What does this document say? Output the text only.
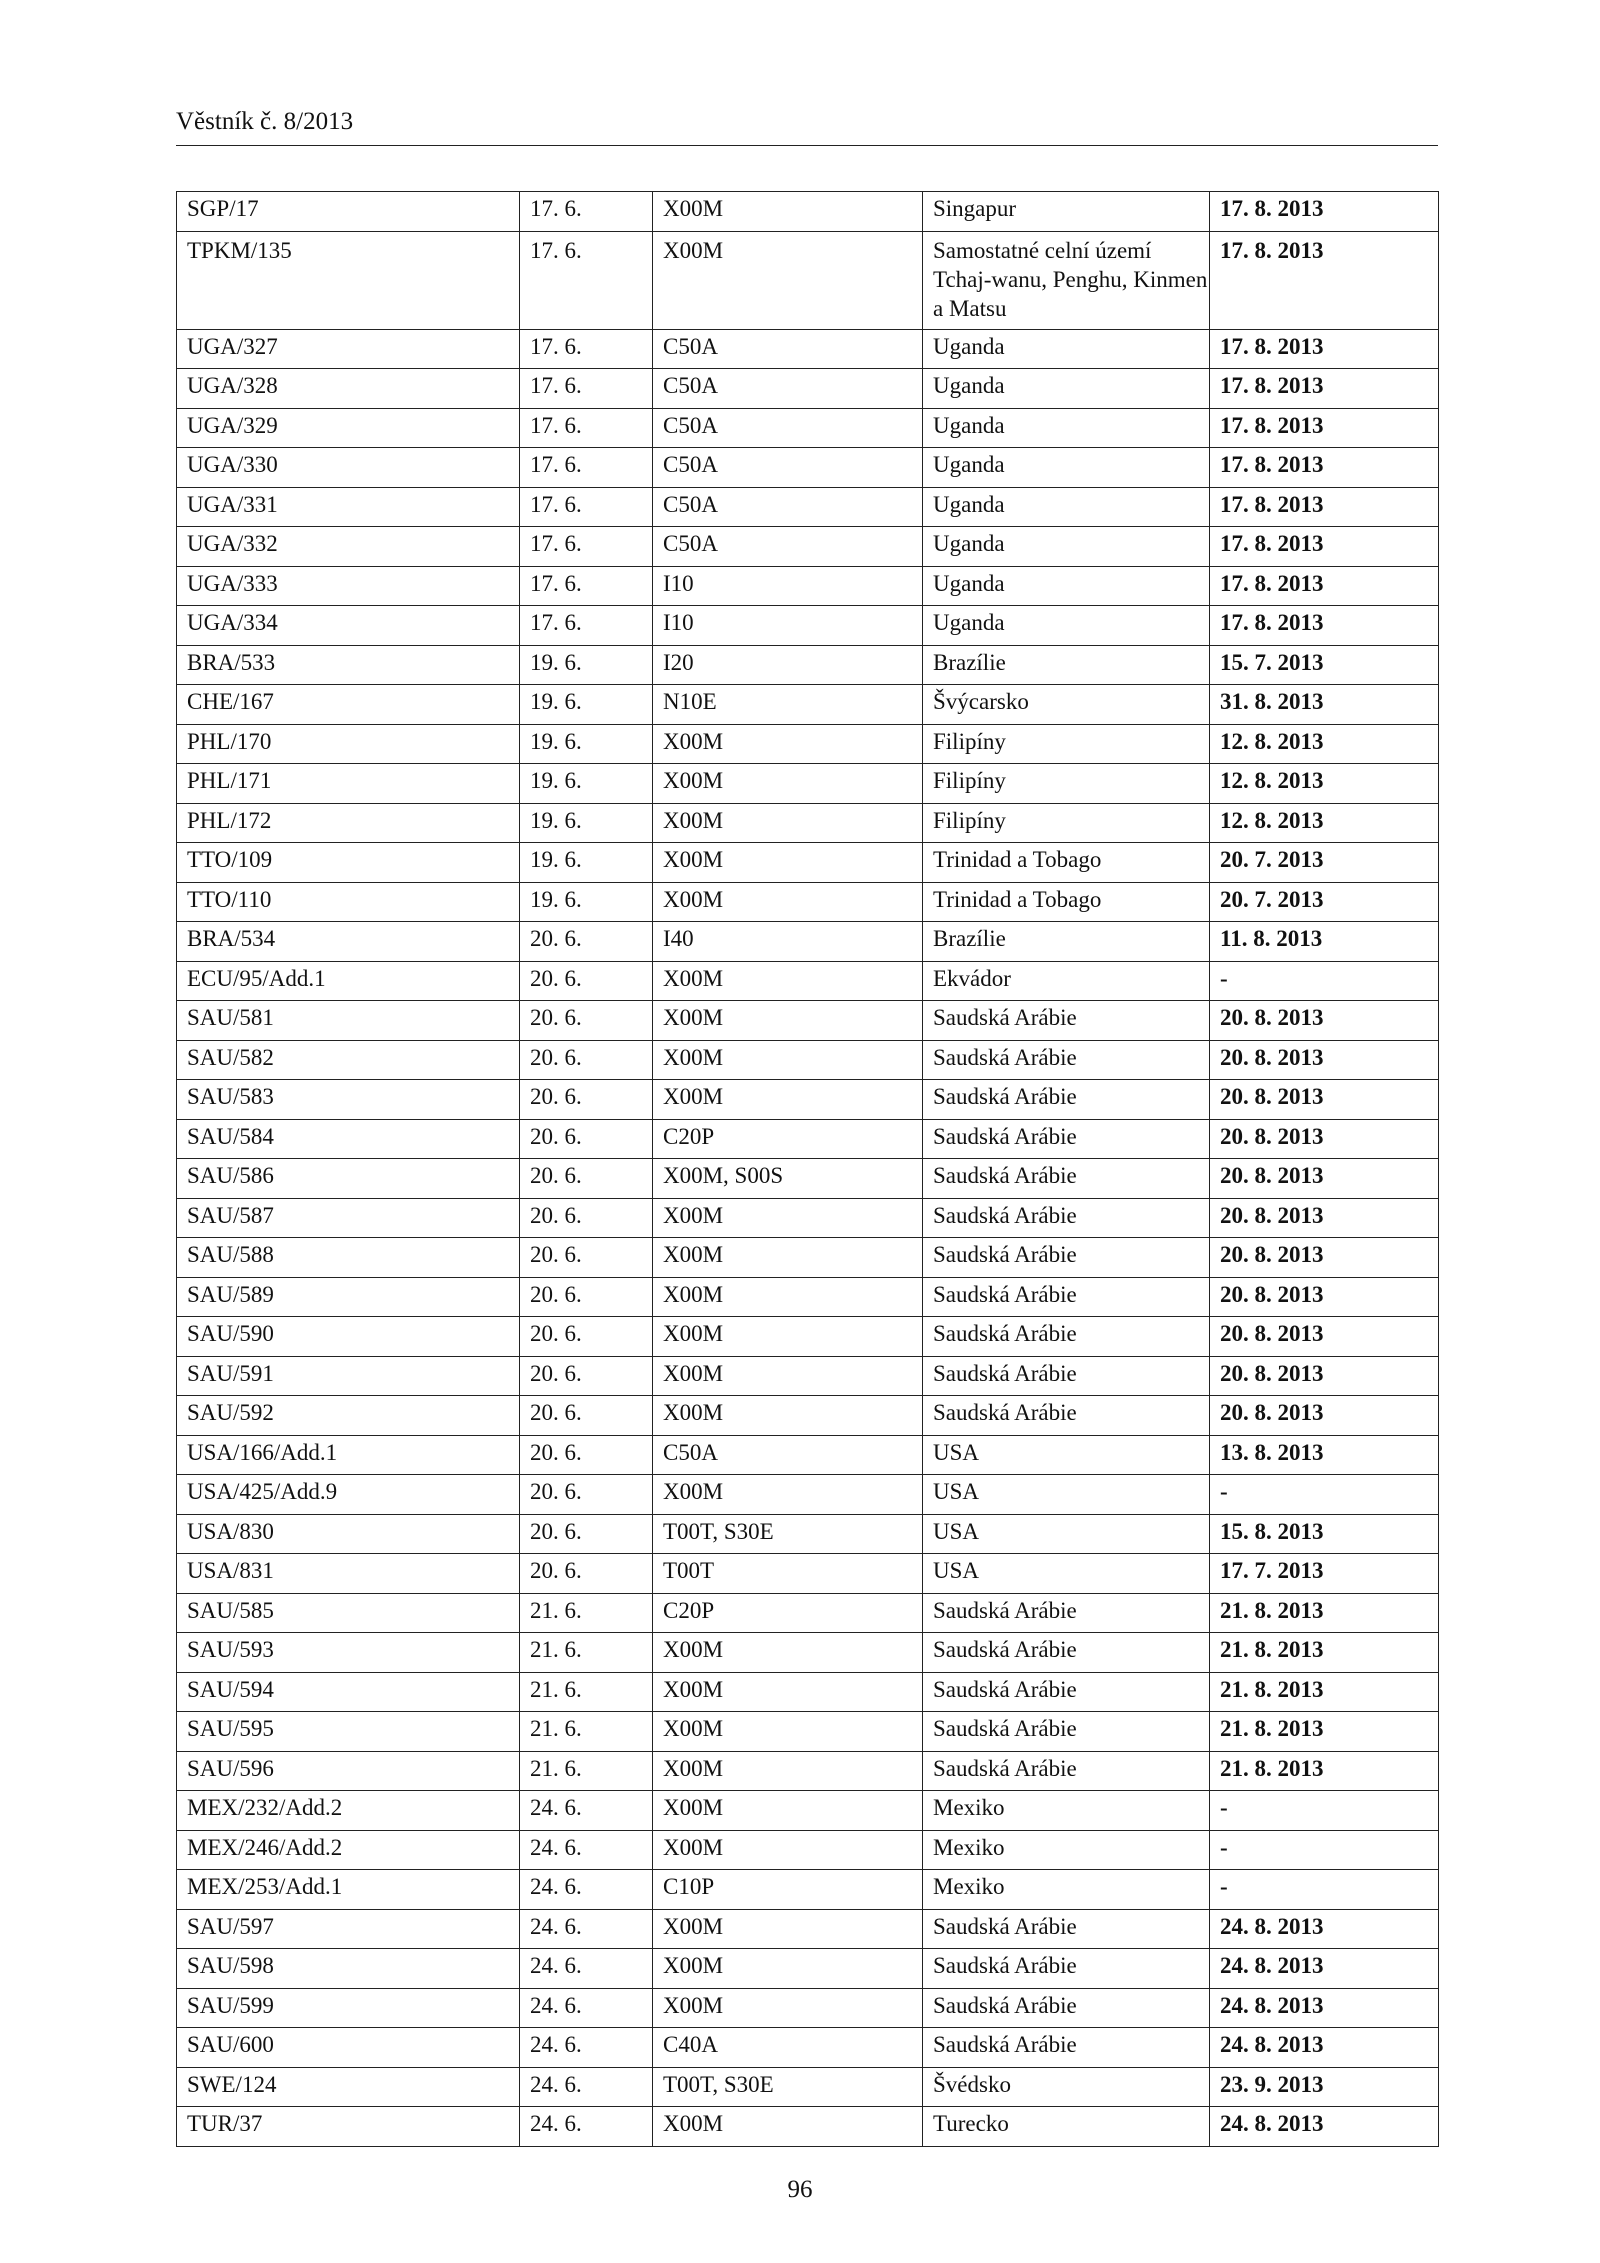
Věstník č. 8/2013
SGP/17	17. 6.	X00M	Singapur	17. 8. 2013
TPKM/135	17. 6.	X00M	Samostatné celní území Tchaj-wanu, Penghu, Kinmen a Matsu	17. 8. 2013
UGA/327	17. 6.	C50A	Uganda	17. 8. 2013
UGA/328	17. 6.	C50A	Uganda	17. 8. 2013
UGA/329	17. 6.	C50A	Uganda	17. 8. 2013
UGA/330	17. 6.	C50A	Uganda	17. 8. 2013
UGA/331	17. 6.	C50A	Uganda	17. 8. 2013
UGA/332	17. 6.	C50A	Uganda	17. 8. 2013
UGA/333	17. 6.	I10	Uganda	17. 8. 2013
UGA/334	17. 6.	I10	Uganda	17. 8. 2013
BRA/533	19. 6.	I20	Brazílie	15. 7. 2013
CHE/167	19. 6.	N10E	Švýcarsko	31. 8. 2013
PHL/170	19. 6.	X00M	Filipíny	12. 8. 2013
PHL/171	19. 6.	X00M	Filipíny	12. 8. 2013
PHL/172	19. 6.	X00M	Filipíny	12. 8. 2013
TTO/109	19. 6.	X00M	Trinidad a Tobago	20. 7. 2013
TTO/110	19. 6.	X00M	Trinidad a Tobago	20. 7. 2013
BRA/534	20. 6.	I40	Brazílie	11. 8. 2013
ECU/95/Add.1	20. 6.	X00M	Ekvádor	-
SAU/581	20. 6.	X00M	Saudská Arábie	20. 8. 2013
SAU/582	20. 6.	X00M	Saudská Arábie	20. 8. 2013
SAU/583	20. 6.	X00M	Saudská Arábie	20. 8. 2013
SAU/584	20. 6.	C20P	Saudská Arábie	20. 8. 2013
SAU/586	20. 6.	X00M, S00S	Saudská Arábie	20. 8. 2013
SAU/587	20. 6.	X00M	Saudská Arábie	20. 8. 2013
SAU/588	20. 6.	X00M	Saudská Arábie	20. 8. 2013
SAU/589	20. 6.	X00M	Saudská Arábie	20. 8. 2013
SAU/590	20. 6.	X00M	Saudská Arábie	20. 8. 2013
SAU/591	20. 6.	X00M	Saudská Arábie	20. 8. 2013
SAU/592	20. 6.	X00M	Saudská Arábie	20. 8. 2013
USA/166/Add.1	20. 6.	C50A	USA	13. 8. 2013
USA/425/Add.9	20. 6.	X00M	USA	-
USA/830	20. 6.	T00T, S30E	USA	15. 8. 2013
USA/831	20. 6.	T00T	USA	17. 7. 2013
SAU/585	21. 6.	C20P	Saudská Arábie	21. 8. 2013
SAU/593	21. 6.	X00M	Saudská Arábie	21. 8. 2013
SAU/594	21. 6.	X00M	Saudská Arábie	21. 8. 2013
SAU/595	21. 6.	X00M	Saudská Arábie	21. 8. 2013
SAU/596	21. 6.	X00M	Saudská Arábie	21. 8. 2013
MEX/232/Add.2	24. 6.	X00M	Mexiko	-
MEX/246/Add.2	24. 6.	X00M	Mexiko	-
MEX/253/Add.1	24. 6.	C10P	Mexiko	-
SAU/597	24. 6.	X00M	Saudská Arábie	24. 8. 2013
SAU/598	24. 6.	X00M	Saudská Arábie	24. 8. 2013
SAU/599	24. 6.	X00M	Saudská Arábie	24. 8. 2013
SAU/600	24. 6.	C40A	Saudská Arábie	24. 8. 2013
SWE/124	24. 6.	T00T, S30E	Švédsko	23. 9. 2013
TUR/37	24. 6.	X00M	Turecko	24. 8. 2013
96
